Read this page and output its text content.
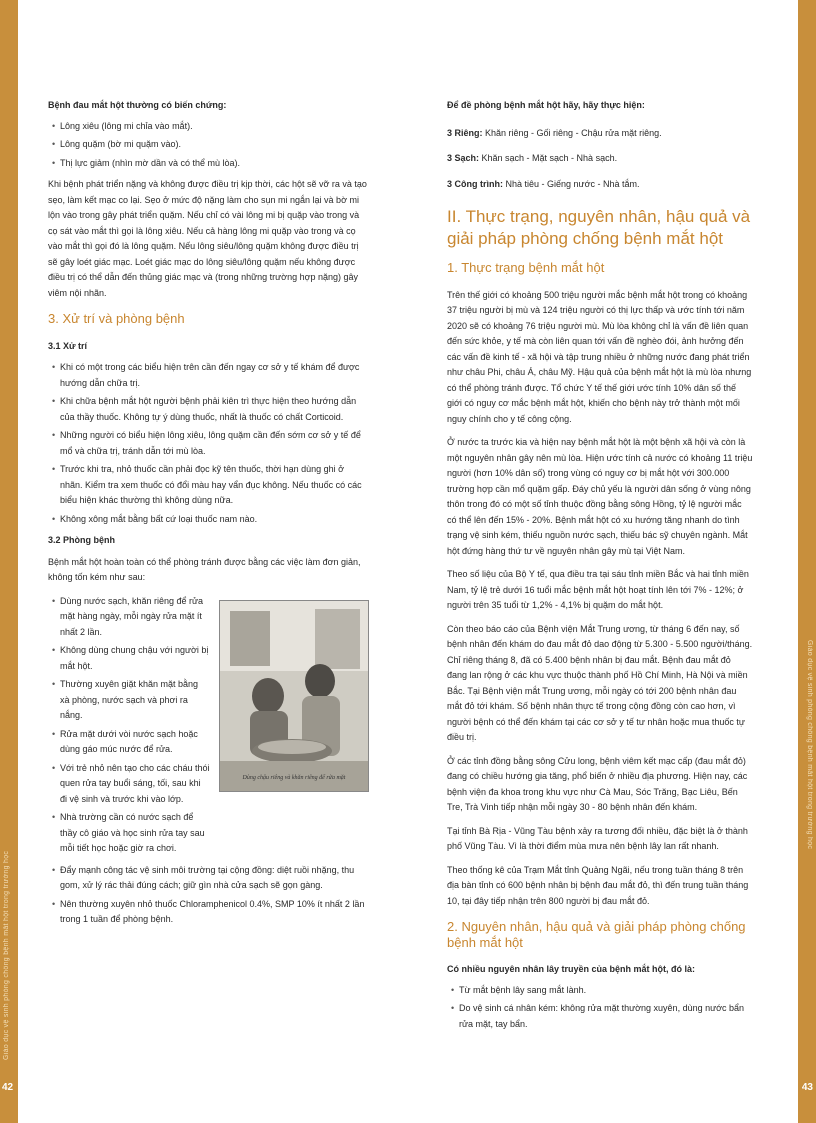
Giáo dục vệ sinh phòng chống bệnh mắt hột trong trường học
42
Giáo dục vệ sinh phòng chống bệnh mắt hột trong trường học
43
Bệnh đau mắt hột thường có biến chứng:
• Lông xiêu (lông mi chỉa vào mắt).
• Lông quặm (bờ mi quặm vào).
• Thị lực giảm (nhìn mờ dần và có thể mù lòa).

Khi bệnh phát triển nặng và không được điều trị kịp thời, các hột sẽ vỡ ra và tạo sẹo, làm kết mạc co lại. Sẹo ở mức độ nặng làm cho sụn mi ngắn lại và bờ mi lộn vào trong gây phát triển quặm. Nếu chỉ có vài lông mi bị quặp vào trong và cọ sát vào mắt thì gọi là lông xiêu. Nếu cả hàng lông mi quặp vào trong và cọ vào mắt thì gọi đó là lông quặm. Nếu lông siêu/lông quặm không được điều trị sẽ gây loét giác mạc. Loét giác mạc do lông siêu/lông quặm nếu không được điều trị có thể dẫn đến thủng giác mạc và (trong những trường hợp nặng) gây viêm nội nhãn.

3. Xử trí và phòng bệnh
3.1 Xử trí
• Khi có một trong các biểu hiện trên cần đến ngay cơ sở y tế khám để được hướng dẫn chữa trị.
• Khi chữa bệnh mắt hột người bệnh phải kiên trì thực hiện theo hướng dẫn của thầy thuốc. Không tự ý dùng thuốc, nhất là thuốc có chất Corticoid.
• Những người có biểu hiện lông xiêu, lông quặm cần đến sớm cơ sở y tế để mổ và chữa trị, tránh dẫn tới mù lòa.
• Trước khi tra, nhỏ thuốc cần phải đọc kỹ tên thuốc, thời hạn dùng ghi ở nhãn. Kiểm tra xem thuốc có đổi màu hay vẩn đục không. Nếu thuốc có các biểu hiện khác thường thì không dùng nữa.
• Không xông mắt bằng bất cứ loại thuốc nam nào.
3.2 Phòng bệnh

Bệnh mắt hột hoàn toàn có thể phòng tránh được bằng các việc làm đơn giản, không tốn kém như sau:

• Dùng nước sạch, khăn riêng để rửa mặt hàng ngày, mỗi ngày rửa mặt ít nhất 2 lần.
• Không dùng chung chậu với người bị mắt hột.
• Thường xuyên giặt khăn mặt bằng xà phòng, nước sạch và phơi ra nắng.
• Rửa mặt dưới vòi nước sạch hoặc dùng gáo múc nước để rửa.
• Với trẻ nhỏ nên tạo cho các cháu thói quen rửa tay buổi sáng, tối, sau khi đi vệ sinh và trước khi vào lớp.
• Nhà trường cần có nước sạch để thầy cô giáo và học sinh rửa tay sau mỗi tiết học hoặc giờ ra chơi.
Dùng chậu riêng và khăn riêng để rửa mặt
• Đẩy mạnh công tác vệ sinh môi trường tại cộng đồng: diệt ruồi nhặng, thu gom, xử lý rác thải đúng cách; giữ gìn nhà cửa sạch sẽ gọn gàng.
• Nên thường xuyên nhỏ thuốc Chloramphenicol 0.4%, SMP 10% ít nhất 2 lần trong 1 tuần để phòng bệnh.
Để đề phòng bệnh mắt hột hãy, hãy thực hiện:
3 Riêng: Khăn riêng - Gối riêng - Chậu rửa mặt riêng.
3 Sạch: Khăn sạch - Mặt sạch - Nhà sạch.
3 Công trình: Nhà tiêu - Giếng nước - Nhà tắm.
II. Thực trạng, nguyên nhân, hậu quả và giải pháp phòng chống bệnh mắt hột
1. Thực trạng bệnh mắt hột

Trên thế giới có khoảng 500 triệu người mắc bệnh mắt hột trong có khoảng 37 triệu người bị mù và 124 triệu người có thị lực thấp và ước tính tới năm 2020 sẽ có khoảng 76 triệu người mù. Mù lòa không chỉ là vấn đề liên quan đến sức khỏe, y tế mà còn liên quan tới vấn đề nghèo đói, ảnh hưởng đến các vấn đề kinh tế - xã hội và tập trung nhiều ở những nước đang phát triển như châu Phi, châu Á, châu Mỹ. Hậu quả của bệnh mắt hột là mù lòa nhưng có thể phòng tránh được. Tổ chức Y tế thế giới ước tính 10% dân số thế giới có nguy cơ mắc bệnh mắt hột, khiến cho bệnh này trở thành một mối nguy chính cho y tế công cộng.

Ở nước ta trước kia và hiện nay bệnh mắt hột là một bệnh xã hội và còn là một nguyên nhân gây nên mù lòa. Hiện ước tính cả nước có khoảng 11 triệu người (hơn 10% dân số) trong vùng có nguy cơ bị mắt hột với 300.000 trường hợp cần mổ quặm gấp. Đáy chủ yếu là người dân sống ở vùng nông thôn trong đó có một số tỉnh thuộc đồng bằng sông Hồng, tỷ lệ người mắc có thể lên đến 15% - 20%. Bệnh mắt hột có xu hướng tăng nhanh do tình trạng vệ sinh kém, thiếu nguồn nước sạch, thiếu bác sỹ chuyên ngành. Mắt hột đứng hàng thứ tư về nguyên nhân gây mù tại Việt Nam.

Theo số liệu của Bộ Y tế, qua điều tra tại sáu tỉnh miền Bắc và hai tỉnh miền Nam, tỷ lệ trẻ dưới 16 tuổi mắc bệnh mắt hột hoạt tính lên tới 7% - 12%; ở người trên 35 tuổi từ 1,2% - 4,1% bị quặm do mắt hột.

Còn theo báo cáo của Bệnh viện Mắt Trung ương, từ tháng 6 đến nay, số bệnh nhân đến khám do đau mắt đỏ dao động từ 5.300 - 5.500 người/tháng. Chỉ riêng tháng 8, đã có 5.400 bệnh nhân bị đau mắt. Bệnh đau mắt đỏ đang lan rộng ở các khu vực thuộc thành phố Hồ Chí Minh, Hà Nội và miền Bắc. Tại Bệnh viện mắt Trung ương, mỗi ngày có tới 200 bệnh nhân đau mắt đỏ tới khám. Số bệnh nhân thực tế trong cộng đồng còn cao hơn, vì người bệnh có thể đến khám tại các cơ sở y tế tư nhân hoặc mua thuốc tự điều trị.

Ở các tỉnh đồng bằng sông Cửu long, bệnh viêm kết mạc cấp (đau mắt đỏ) đang có chiều hướng gia tăng, phổ biến ở nhiều địa phương. Hiện nay, các bệnh viện đa khoa trong khu vực như Cà Mau, Sóc Trăng, Bạc Liêu, Bến Tre, Trà Vinh tiếp nhận mỗi ngày 30 - 80 bệnh nhân đến khám.

Tại tỉnh Bà Rịa - Vũng Tàu bệnh xảy ra tương đối nhiều, đặc biệt là ở thành phố Vũng Tàu. Vì là thời điểm mùa mưa nên bệnh lây lan rất nhanh.

Theo thống kê của Trạm Mắt tỉnh Quảng Ngãi, nếu trong tuần tháng 8 trên địa bàn tỉnh có 600 bệnh nhân bị bệnh đau mắt đỏ, thì đến trung tuần tháng 10, tại đây tiếp nhận trên 800 người bị đau mắt đỏ.

2. Nguyên nhân, hậu quả và giải pháp phòng chống bệnh mắt hột
Có nhiều nguyên nhân lây truyền của bệnh mắt hột, đó là:
• Từ mắt bệnh lây sang mắt lành.
• Do vệ sinh cá nhân kém: không rửa mặt thường xuyên, dùng nước bẩn rửa mặt, tay bẩn.
